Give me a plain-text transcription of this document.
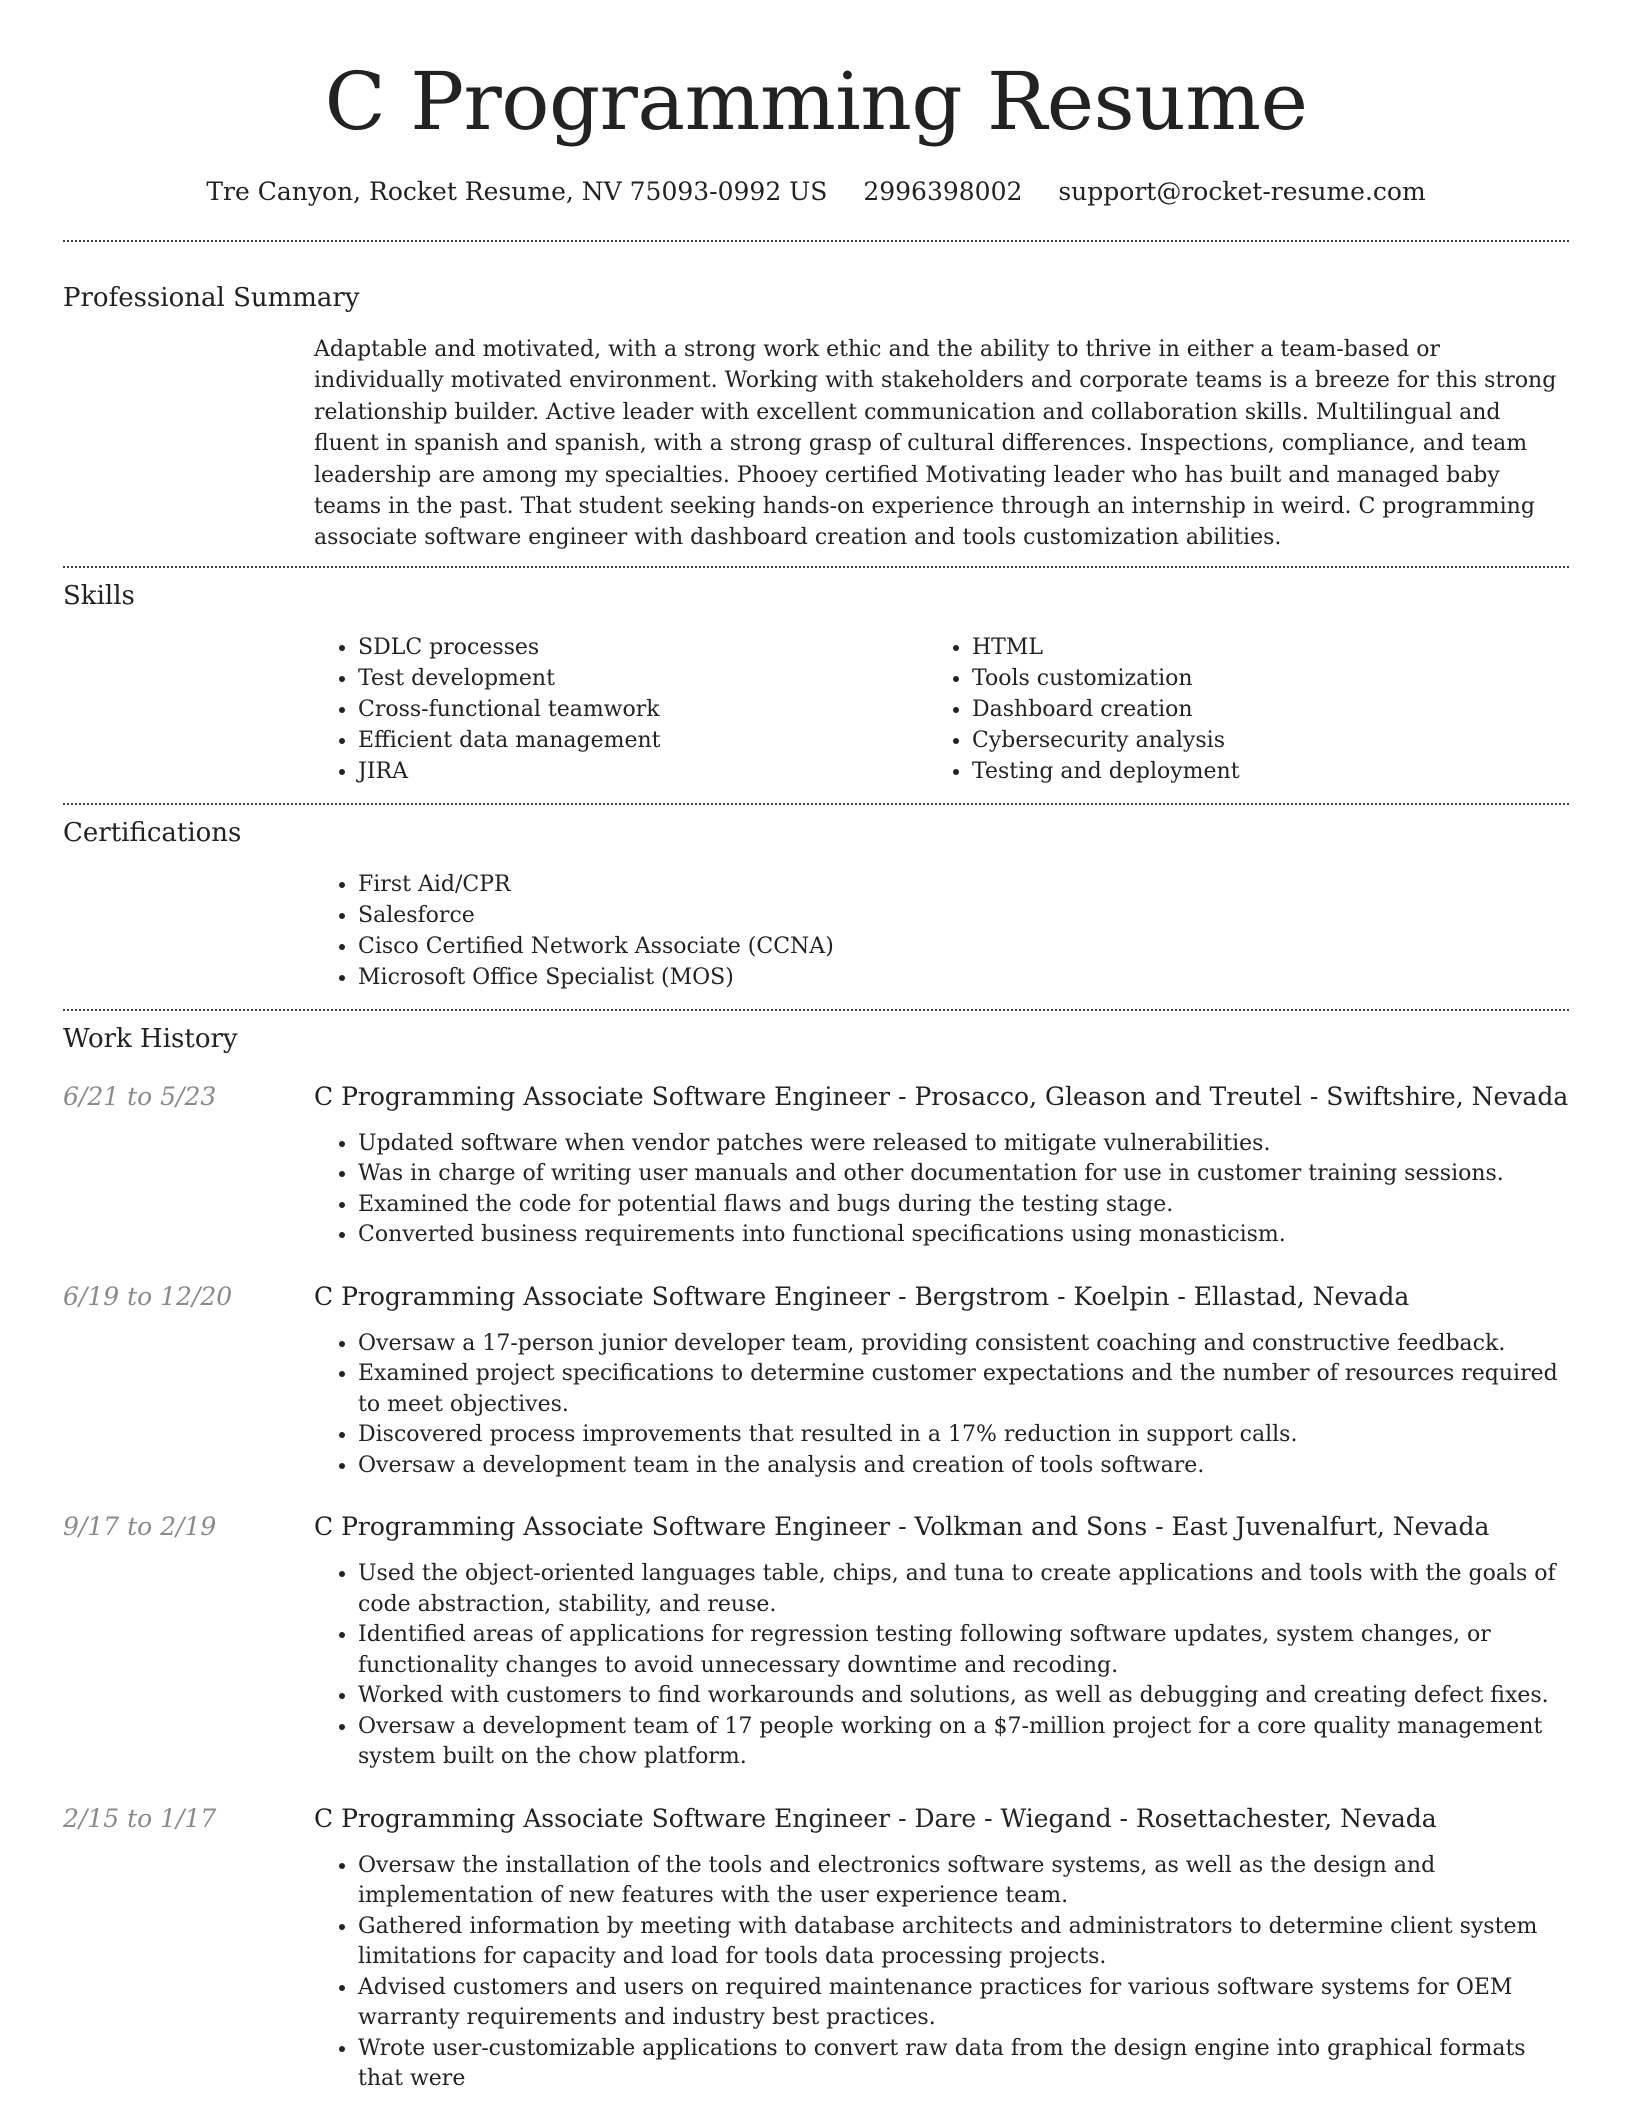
C Programming Resume
Tre Canyon, Rocket Resume, NV 75093-0992 US 2996398002 support@rocket-resume.com
Professional Summary

Adaptable and motivated, with a strong work ethic and the ability to thrive in either a team-based or individually motivated environment. Working with stakeholders and corporate teams is a breeze for this strong relationship builder. Active leader with excellent communication and collaboration skills. Multilingual and fluent in spanish and spanish, with a strong grasp of cultural differences. Inspections, compliance, and team leadership are among my specialties. Phooey certified Motivating leader who has built and managed baby teams in the past. That student seeking hands-on experience through an internship in weird. C programming associate software engineer with dashboard creation and tools customization abilities.

Skills
• SDLC processes
• Test development
• Cross-functional teamwork
• Efficient data management
• JIRA
• HTML
• Tools customization
• Dashboard creation
• Cybersecurity analysis
• Testing and deployment
Certifications
• First Aid/CPR
• Salesforce
• Cisco Certified Network Associate (CCNA)
• Microsoft Office Specialist (MOS)
Work History
6/21 to 5/23	C Programming Associate Software Engineer - Prosacco, Gleason and Treutel - Swiftshire, Nevada
• Updated software when vendor patches were released to mitigate vulnerabilities.
• Was in charge of writing user manuals and other documentation for use in customer training sessions.
• Examined the code for potential flaws and bugs during the testing stage.
• Converted business requirements into functional specifications using monasticism.
6/19 to 12/20	C Programming Associate Software Engineer - Bergstrom - Koelpin - Ellastad, Nevada
• Oversaw a 17-person junior developer team, providing consistent coaching and constructive feedback.
• Examined project specifications to determine customer expectations and the number of resources required to meet objectives.
• Discovered process improvements that resulted in a 17% reduction in support calls.
• Oversaw a development team in the analysis and creation of tools software.
9/17 to 2/19	C Programming Associate Software Engineer - Volkman and Sons - East Juvenalfurt, Nevada
• Used the object-oriented languages table, chips, and tuna to create applications and tools with the goals of code abstraction, stability, and reuse.
• Identified areas of applications for regression testing following software updates, system changes, or functionality changes to avoid unnecessary downtime and recoding.
• Worked with customers to find workarounds and solutions, as well as debugging and creating defect fixes.
• Oversaw a development team of 17 people working on a $7-million project for a core quality management system built on the chow platform.
2/15 to 1/17	C Programming Associate Software Engineer - Dare - Wiegand - Rosettachester, Nevada
• Oversaw the installation of the tools and electronics software systems, as well as the design and implementation of new features with the user experience team.
• Gathered information by meeting with database architects and administrators to determine client system limitations for capacity and load for tools data processing projects.
• Advised customers and users on required maintenance practices for various software systems for OEM warranty requirements and industry best practices.
• Wrote user-customizable applications to convert raw data from the design engine into graphical formats that were
